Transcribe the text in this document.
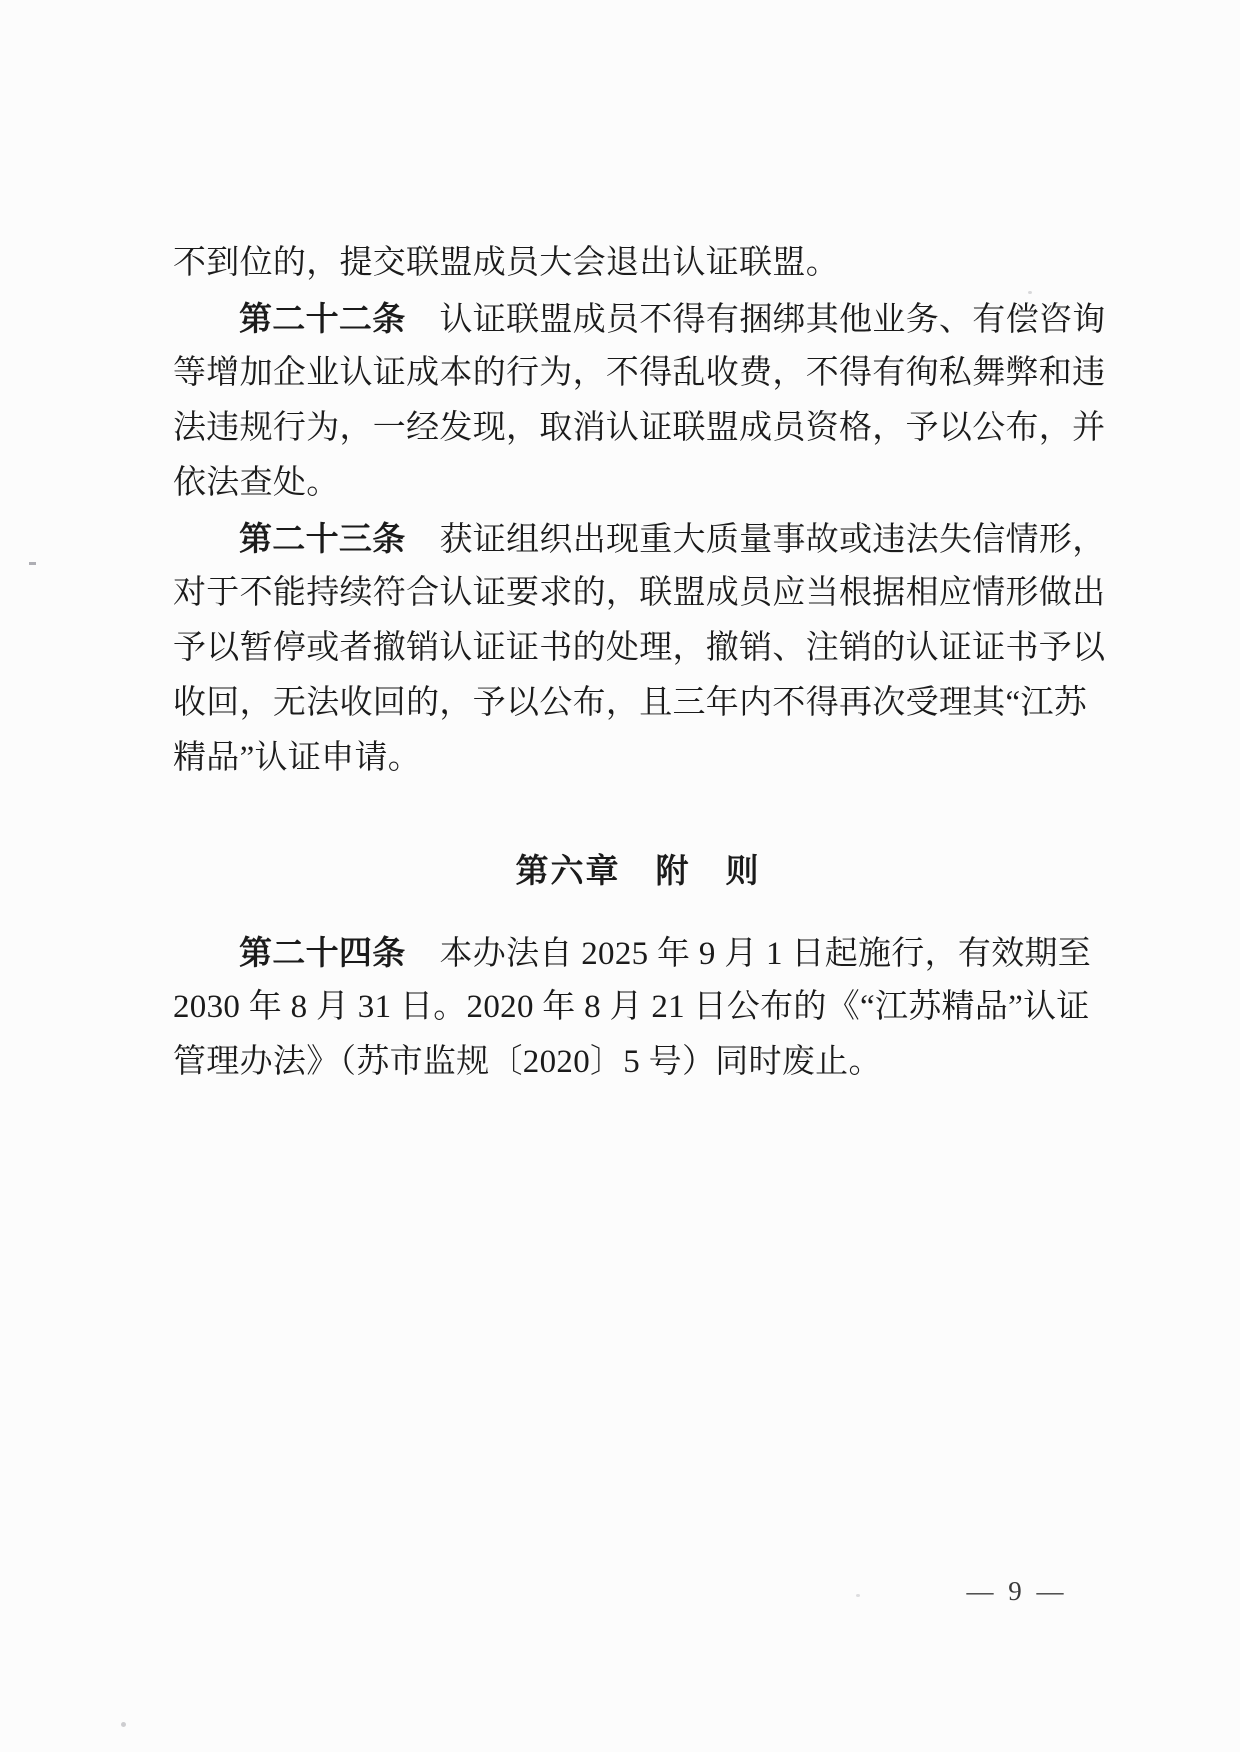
不到位的，提交联盟成员大会退出认证联盟。
第二十二条 认证联盟成员不得有捆绑其他业务、有偿咨询
等增加企业认证成本的行为，不得乱收费，不得有徇私舞弊和违
法违规行为，一经发现，取消认证联盟成员资格，予以公布，并
依法查处。
第二十三条 获证组织出现重大质量事故或违法失信情形，
对于不能持续符合认证要求的，联盟成员应当根据相应情形做出
予以暂停或者撤销认证证书的处理，撤销、注销的认证证书予以
收回，无法收回的，予以公布，且三年内不得再次受理其“江苏
精品”认证申请。
第六章　附　则
第二十四条 本办法自 2025 年 9 月 1 日起施行，有效期至
2030 年 8 月 31 日。2020 年 8 月 21 日公布的《“江苏精品”认证
管理办法》（苏市监规〔2020〕5 号）同时废止。
— 9 —
